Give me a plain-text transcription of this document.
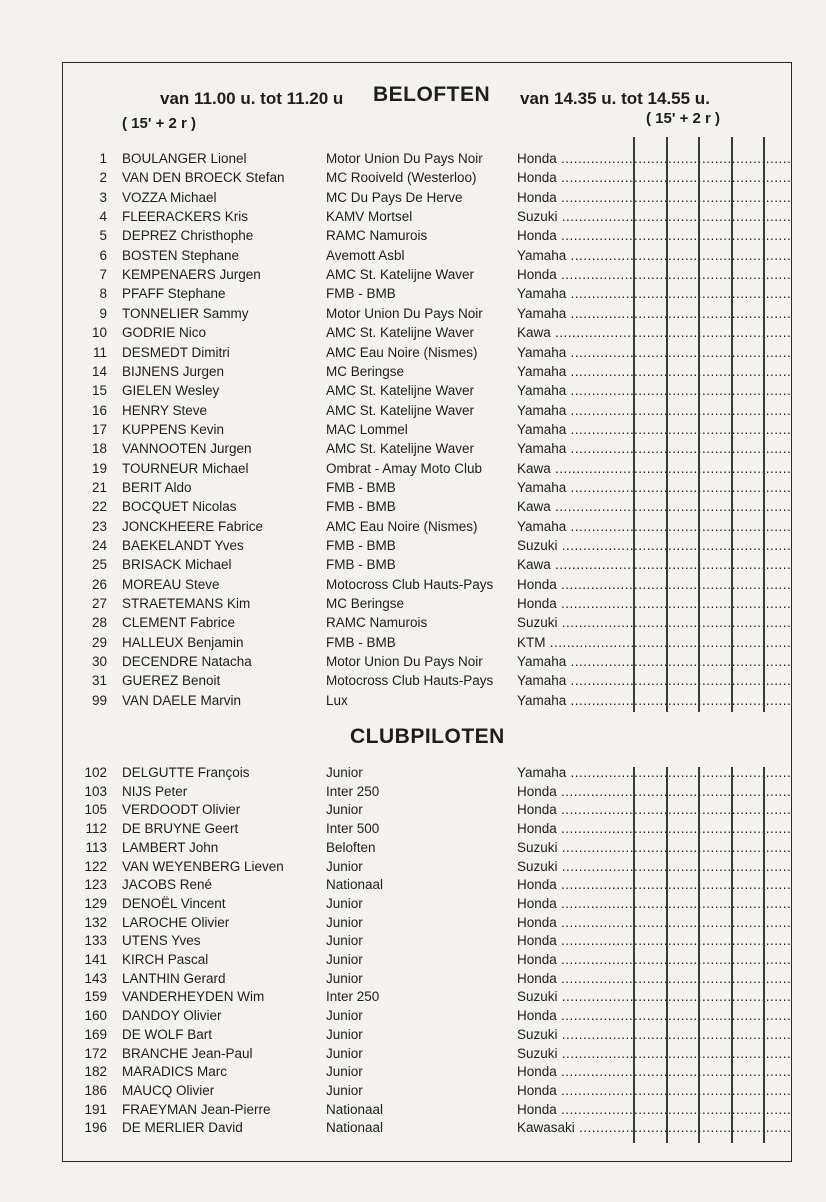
van 11.00 u. tot 11.20 u BELOFTEN van 14.35 u. tot 14.55 u.
( 15' + 2 r )	( 15' + 2 r )
1 BOULANGER Lionel	Motor Union Du Pays Noir	Honda .....
.....
2 VAN DEN BROECK Stefan	MC Rooiveld (Westerloo)	Honda .....
.....
3 VOZZA Michael	MC Du Pays De Herve	Honda .....
.....
4 FLEERACKERS Kris	KAMV Mortsel	Suzuki .....
.....
5 DEPREZ Christhophe	RAMC Namurois	Honda .....
.....
6 BOSTEN Stephane	Avemott Asbl	Yamaha .....
.....
7 KEMPENAERS Jurgen	AMC St. Katelijne Waver	Honda .....
.....
8 PFAFF Stephane	FMB - BMB	Yamaha .....
.....
9 TONNELIER Sammy	Motor Union Du Pays Noir	Yamaha .....
.....
10 GODRIE Nico	AMC St. Katelijne Waver	Kawa .....
.....
11 DESMEDT Dimitri	AMC Eau Noire (Nismes)	Yamaha .....
.....
14 BIJNENS Jurgen	MC Beringse	Yamaha .....
.....
15 GIELEN Wesley	AMC St. Katelijne Waver	Yamaha .....
.....
16 HENRY Steve	AMC St. Katelijne Waver	Yamaha .....
.....
17 KUPPENS Kevin	MAC Lommel	Yamaha .....
.....
18 VANNOOTEN Jurgen	AMC St. Katelijne Waver	Yamaha .....
.....
19 TOURNEUR Michael	Ombrat - Amay Moto Club	Kawa .....
.....
21 BERIT Aldo	FMB - BMB	Yamaha .....
.....
22 BOCQUET Nicolas	FMB - BMB	Kawa .....
.....
23 JONCKHEERE Fabrice	AMC Eau Noire (Nismes)	Yamaha .....
.....
24 BAEKELANDT Yves	FMB - BMB	Suzuki .....
.....
25 BRISACK Michael	FMB - BMB	Kawa .....
.....
26 MOREAU Steve	Motocross Club Hauts-Pays Honda .....
.....
27 STRAETEMANS Kim	MC Beringse	Honda .....
.....
28 CLEMENT Fabrice	RAMC Namurois	Suzuki .....
.....
29 HALLEUX Benjamin	FMB - BMB	KTM .....
.....
30 DECENDRE Natacha	Motor Union Du Pays Noir	Yamaha .....
.....
31 GUEREZ Benoit	Motocross Club Hauts-Pays Yamaha .....
.....
99 VAN DAELE Marvin	Lux	Yamaha .....
.....
CLUBPILOTEN
102 DELGUTTE François	Junior	Yamaha .....
.....
103 NIJS Peter	Inter 250	Honda .....
.....
105 VERDOODT Olivier	Junior	Honda .....
.....
112 DE BRUYNE Geert	Inter 500	Honda .....
.....
113 LAMBERT John	Beloften	Suzuki .....
.....
122 VAN WEYENBERG Lieven	Junior	Suzuki .....
.....
123 JACOBS René	Nationaal	Honda .....
.....
129 DENOËL Vincent	Junior	Honda .....
.....
132 LAROCHE Olivier	Junior	Honda .....
.....
133 UTENS Yves	Junior	Honda .....
.....
141 KIRCH Pascal	Junior	Honda .....
.....
143 LANTHIN Gerard	Junior	Honda .....
.....
159 VANDERHEYDEN Wim	Inter 250	Suzuki .....
.....
160 DANDOY Olivier	Junior	Honda .....
.....
169 DE WOLF Bart	Junior	Suzuki .....
.....
172 BRANCHE Jean-Paul	Junior	Suzuki .....
.....
182 MARADICS Marc	Junior	Honda .....
.....
186 MAUCQ Olivier	Junior	Honda .....
.....
191 FRAEYMAN Jean-Pierre	Nationaal	Honda .....
.....
196 DE MERLIER David	Nationaal	Kawasaki .....
.....
